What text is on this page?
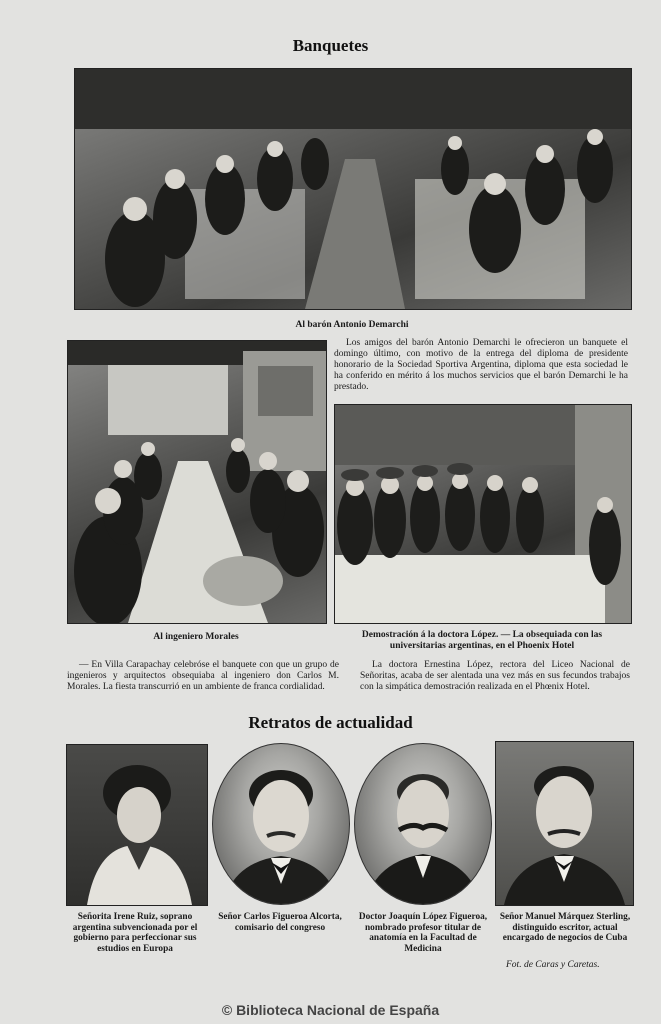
Banquetes
Al barón Antonio Demarchi
Los amigos del barón Antonio Demarchi le ofrecieron un banquete el domingo último, con motivo de la entrega del diploma de presidente honorario de la Sociedad Sportiva Argentina, diploma que esta sociedad le ha conferido en mérito á los muchos servicios que el barón Demarchi le ha prestado.
Al ingeniero Morales	Demostración á la doctora López. — La obsequiada con las universitarias argentinas, en el Phoenix Hotel
— En Villa Carapachay celebróse el banquete con que un grupo de ingenieros y arquitectos obsequiaba al ingeniero don Carlos M. Morales. La fiesta transcurrió en un ambiente de franca cordialidad.
La doctora Ernestina López, rectora del Liceo Nacional de Señoritas, acaba de ser alentada una vez más en sus fecundos trabajos con la simpática demostración realizada en el Phœnix Hotel.
Retratos de actualidad
Señorita Irene Ruiz, soprano argentina subvencionada por el gobierno para perfeccionar sus estudios en Europa
Señor Carlos Figueroa Alcorta, comisario del congreso
Doctor Joaquín López Figueroa, nombrado profesor titular de anatomía en la Facultad de Medicina
Señor Manuel Márquez Sterling, distinguido escritor, actual encargado de negocios de Cuba
Fot. de Caras y Caretas.
© Biblioteca Nacional de España
